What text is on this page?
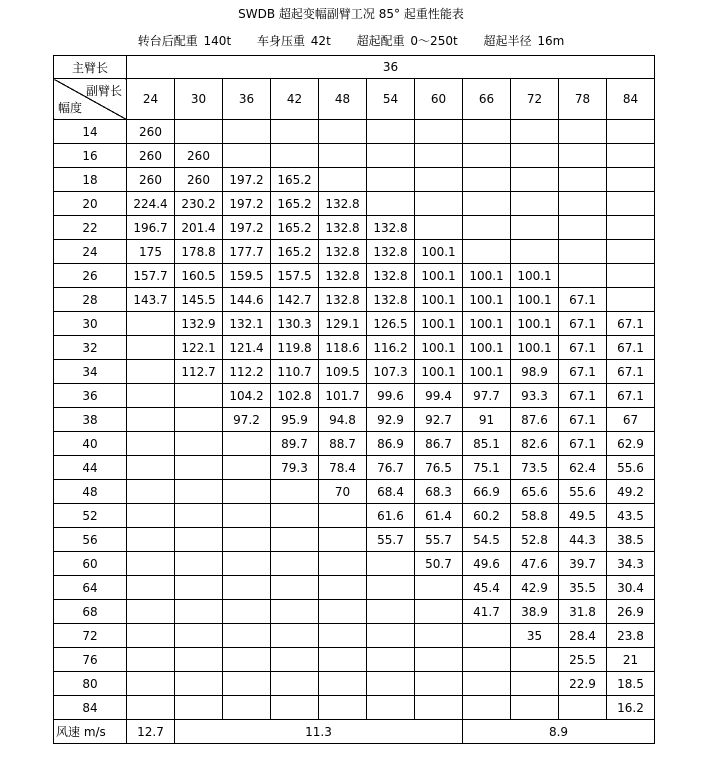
SWDB 超起变幅副臂工况 85° 起重性能表
转台后配重 140t 车身压重 42t 超起配重 0～250t 超起半径 16m
主臂长	36										

副臂长
幅度	24	30	36	42	48	54	60	66	72	78	84
14	260										
16	260	260									
18	260	260	197.2	165.2							
20	224.4	230.2	197.2	165.2	132.8						
22	196.7	201.4	197.2	165.2	132.8	132.8					
24	175	178.8	177.7	165.2	132.8	132.8	100.1				
26	157.7	160.5	159.5	157.5	132.8	132.8	100.1	100.1	100.1		
28	143.7	145.5	144.6	142.7	132.8	132.8	100.1	100.1	100.1	67.1	
30		132.9	132.1	130.3	129.1	126.5	100.1	100.1	100.1	67.1	67.1
32		122.1	121.4	119.8	118.6	116.2	100.1	100.1	100.1	67.1	67.1
34		112.7	112.2	110.7	109.5	107.3	100.1	100.1	98.9	67.1	67.1
36			104.2	102.8	101.7	99.6	99.4	97.7	93.3	67.1	67.1
38			97.2	95.9	94.8	92.9	92.7	91	87.6	67.1	67
40				89.7	88.7	86.9	86.7	85.1	82.6	67.1	62.9
44				79.3	78.4	76.7	76.5	75.1	73.5	62.4	55.6
48					70	68.4	68.3	66.9	65.6	55.6	49.2
52						61.6	61.4	60.2	58.8	49.5	43.5
56						55.7	55.7	54.5	52.8	44.3	38.5
60							50.7	49.6	47.6	39.7	34.3
64								45.4	42.9	35.5	30.4
68								41.7	38.9	31.8	26.9
72									35	28.4	23.8
76										25.5	21
80										22.9	18.5
84											16.2
风速 m/s	12.7	11.3						8.9			
